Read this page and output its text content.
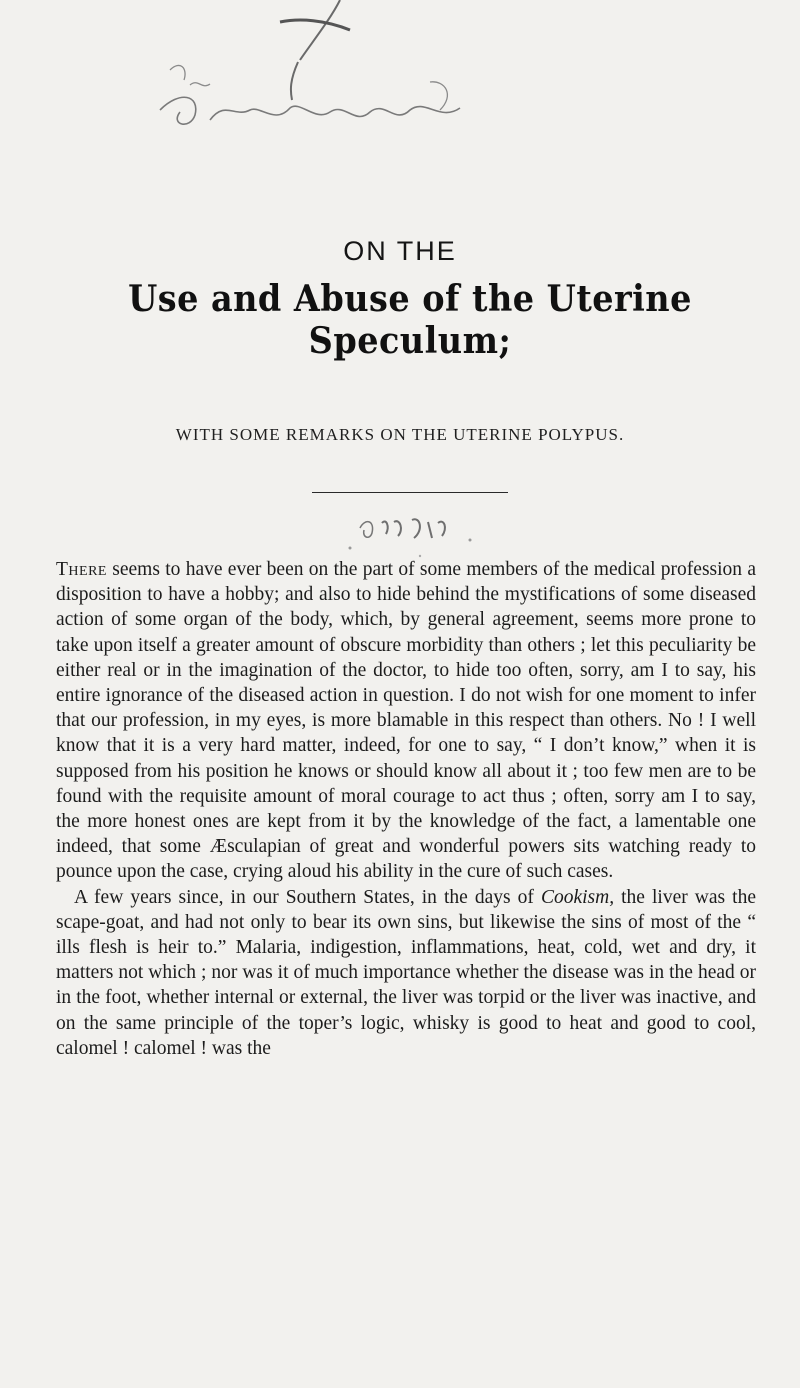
ON THE
Use and Abuse of the Uterine Speculum;
WITH SOME REMARKS ON THE UTERINE POLYPUS.

There seems to have ever been on the part of some members of the medical profession a disposition to have a hobby; and also to hide behind the mystifications of some diseased action of some organ of the body, which, by general agreement, seems more prone to take upon itself a greater amount of obscure morbidity than others ; let this peculiarity be either real or in the imagination of the doctor, to hide too often, sorry, am I to say, his entire ignorance of the diseased action in question. I do not wish for one moment to infer that our profession, in my eyes, is more blamable in this respect than others. No ! I well know that it is a very hard matter, indeed, for one to say, “ I don’t know,” when it is supposed from his position he knows or should know all about it ; too few men are to be found with the requisite amount of moral courage to act thus ; often, sorry am I to say, the more honest ones are kept from it by the knowledge of the fact, a lamentable one indeed, that some Æsculapian of great and wonderful powers sits watching ready to pounce upon the case, crying aloud his ability in the cure of such cases.

A few years since, in our Southern States, in the days of Cookism, the liver was the scape-goat, and had not only to bear its own sins, but likewise the sins of most of the “ ills flesh is heir to.” Malaria, indigestion, inflammations, heat, cold, wet and dry, it matters not which ; nor was it of much importance whether the disease was in the head or in the foot, whether internal or external, the liver was torpid or the liver was inactive, and on the same principle of the toper’s logic, whisky is good to heat and good to cool, calomel ! calomel ! was the
